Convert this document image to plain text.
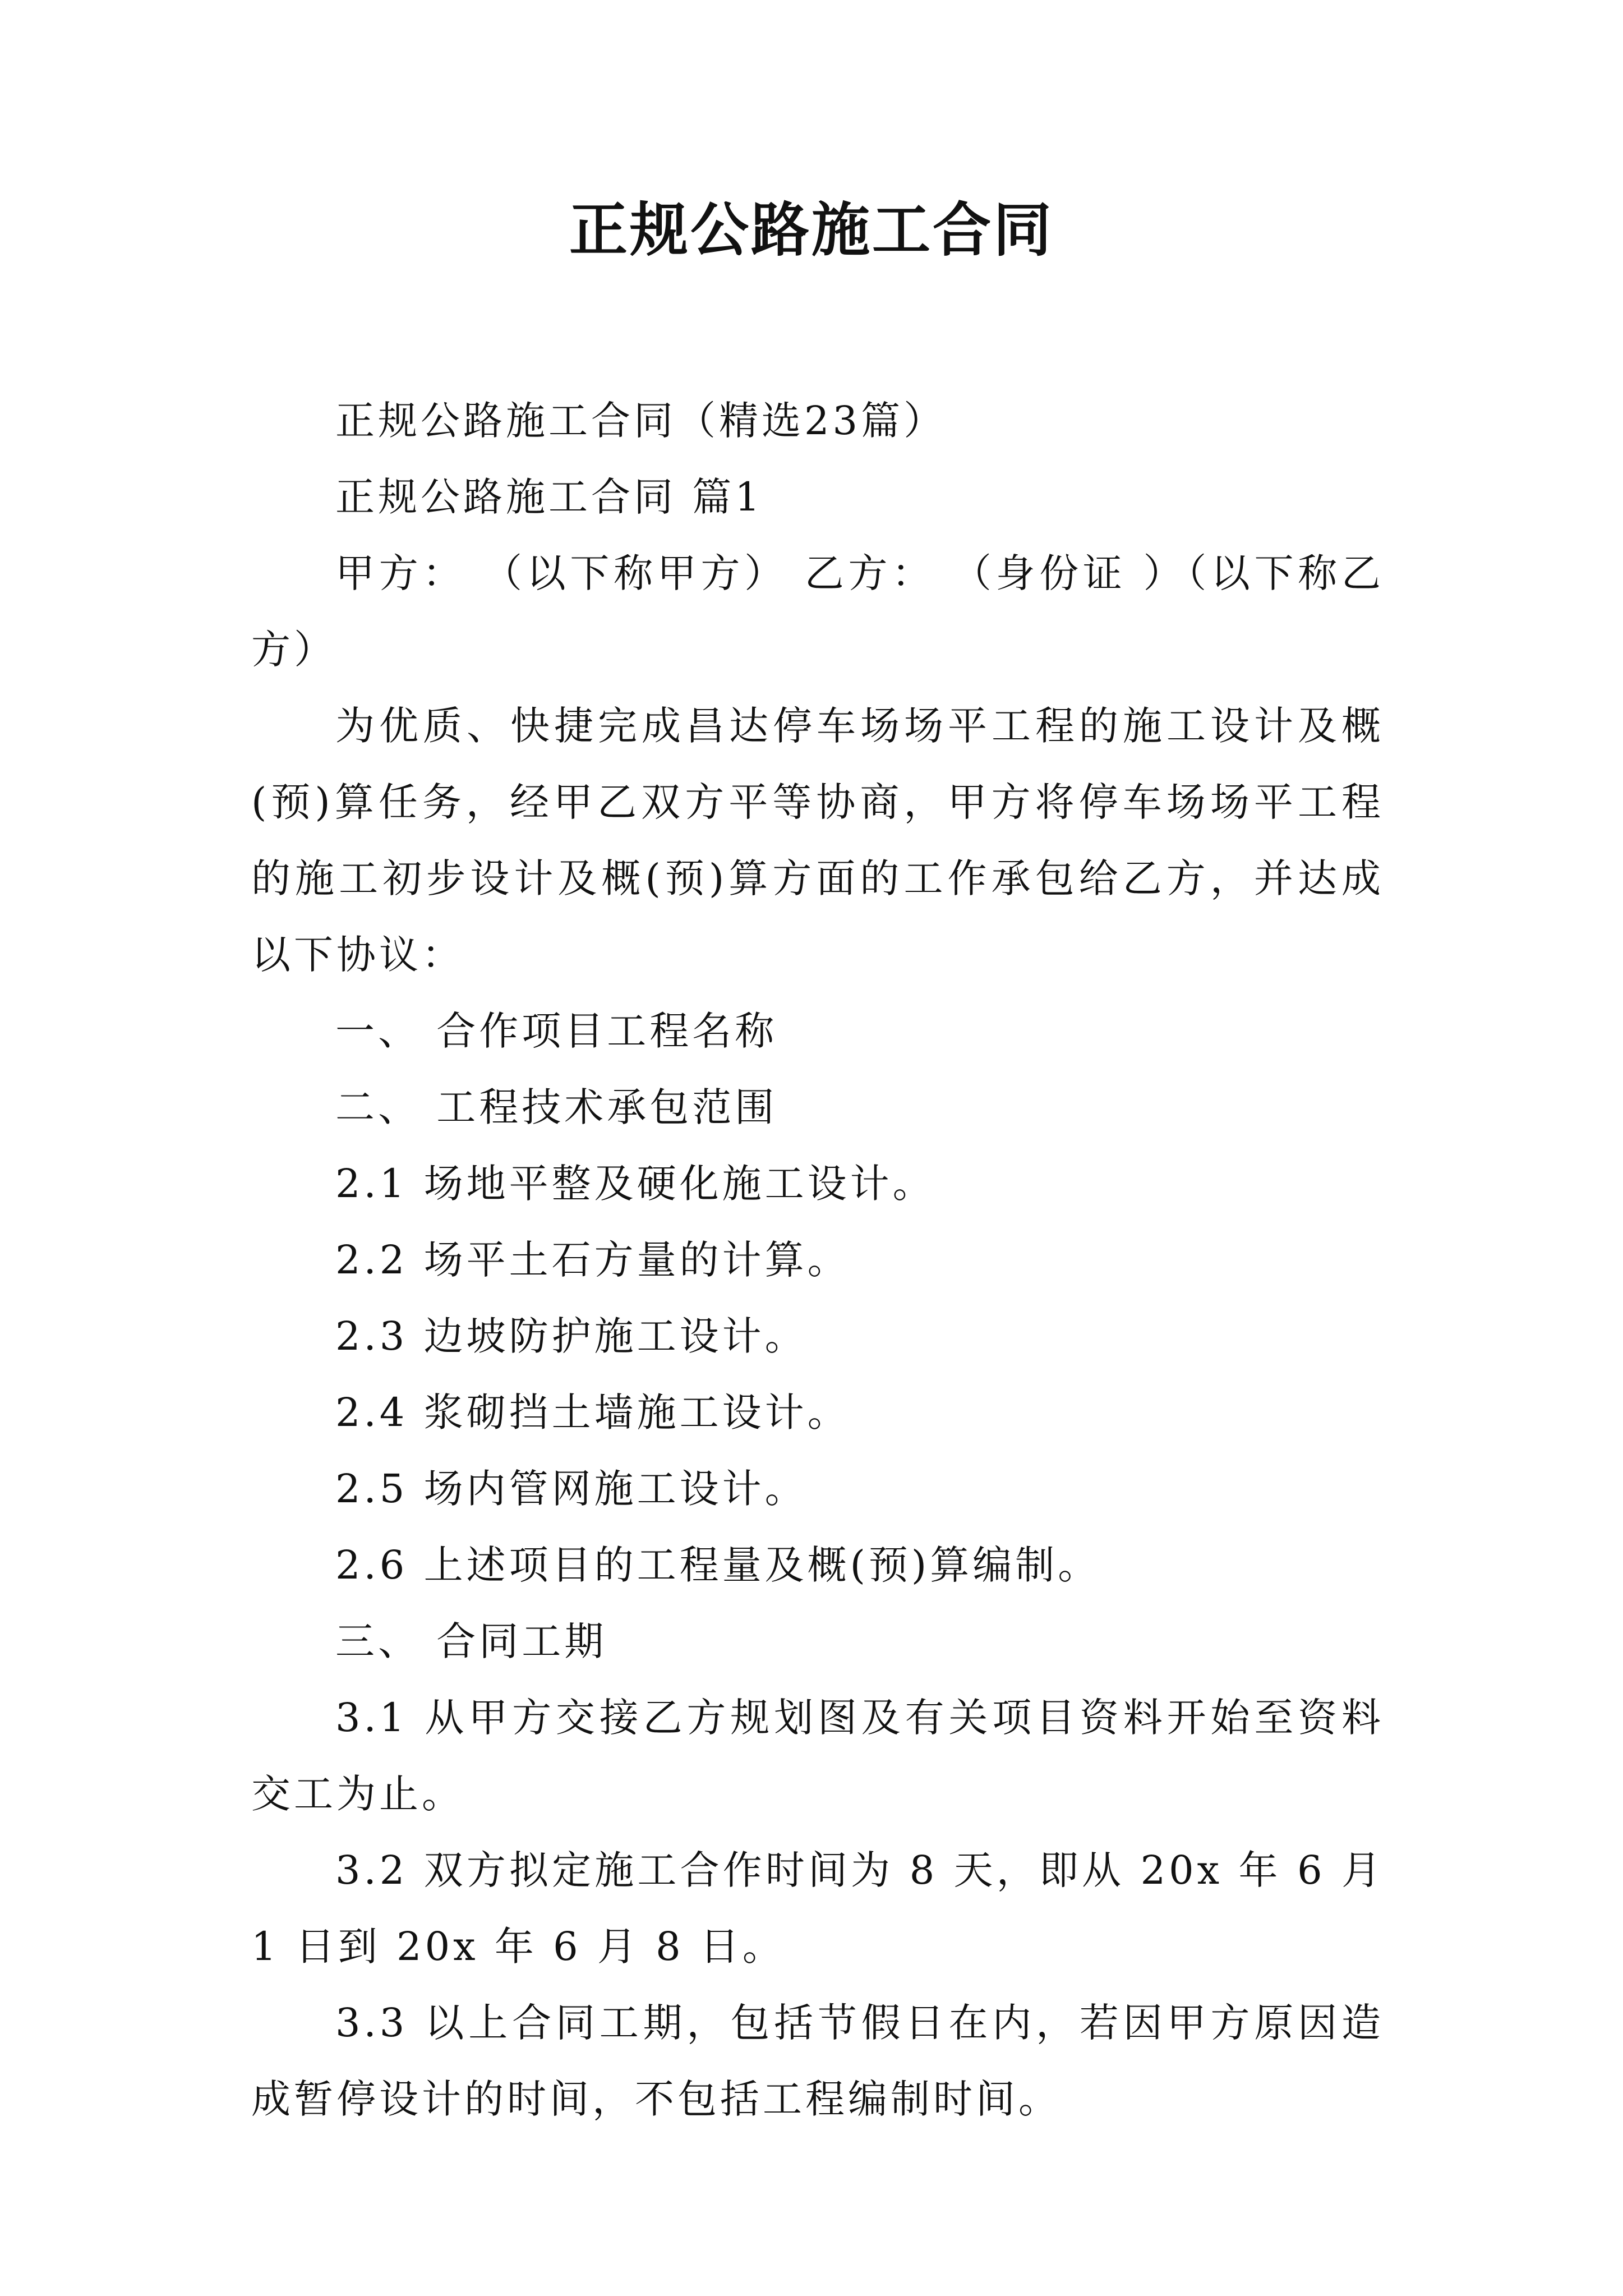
正规公路施工合同

正规公路施工合同（精选23篇）

正规公路施工合同 篇1

甲方： （以下称甲方） 乙方： （身份证 ）（以下称乙方）

为优质、快捷完成昌达停车场场平工程的施工设计及概(预)算任务，经甲乙双方平等协商，甲方将停车场场平工程的施工初步设计及概(预)算方面的工作承包给乙方，并达成以下协议：

一、 合作项目工程名称

二、 工程技术承包范围

2.1 场地平整及硬化施工设计。

2.2 场平土石方量的计算。

2.3 边坡防护施工设计。

2.4 浆砌挡土墙施工设计。

2.5 场内管网施工设计。

2.6 上述项目的工程量及概(预)算编制。

三、 合同工期

3.1 从甲方交接乙方规划图及有关项目资料开始至资料交工为止。

3.2 双方拟定施工合作时间为 8 天，即从 20x 年 6 月 1 日到 20x 年 6 月 8 日。

3.3 以上合同工期，包括节假日在内，若因甲方原因造成暂停设计的时间，不包括工程编制时间。
